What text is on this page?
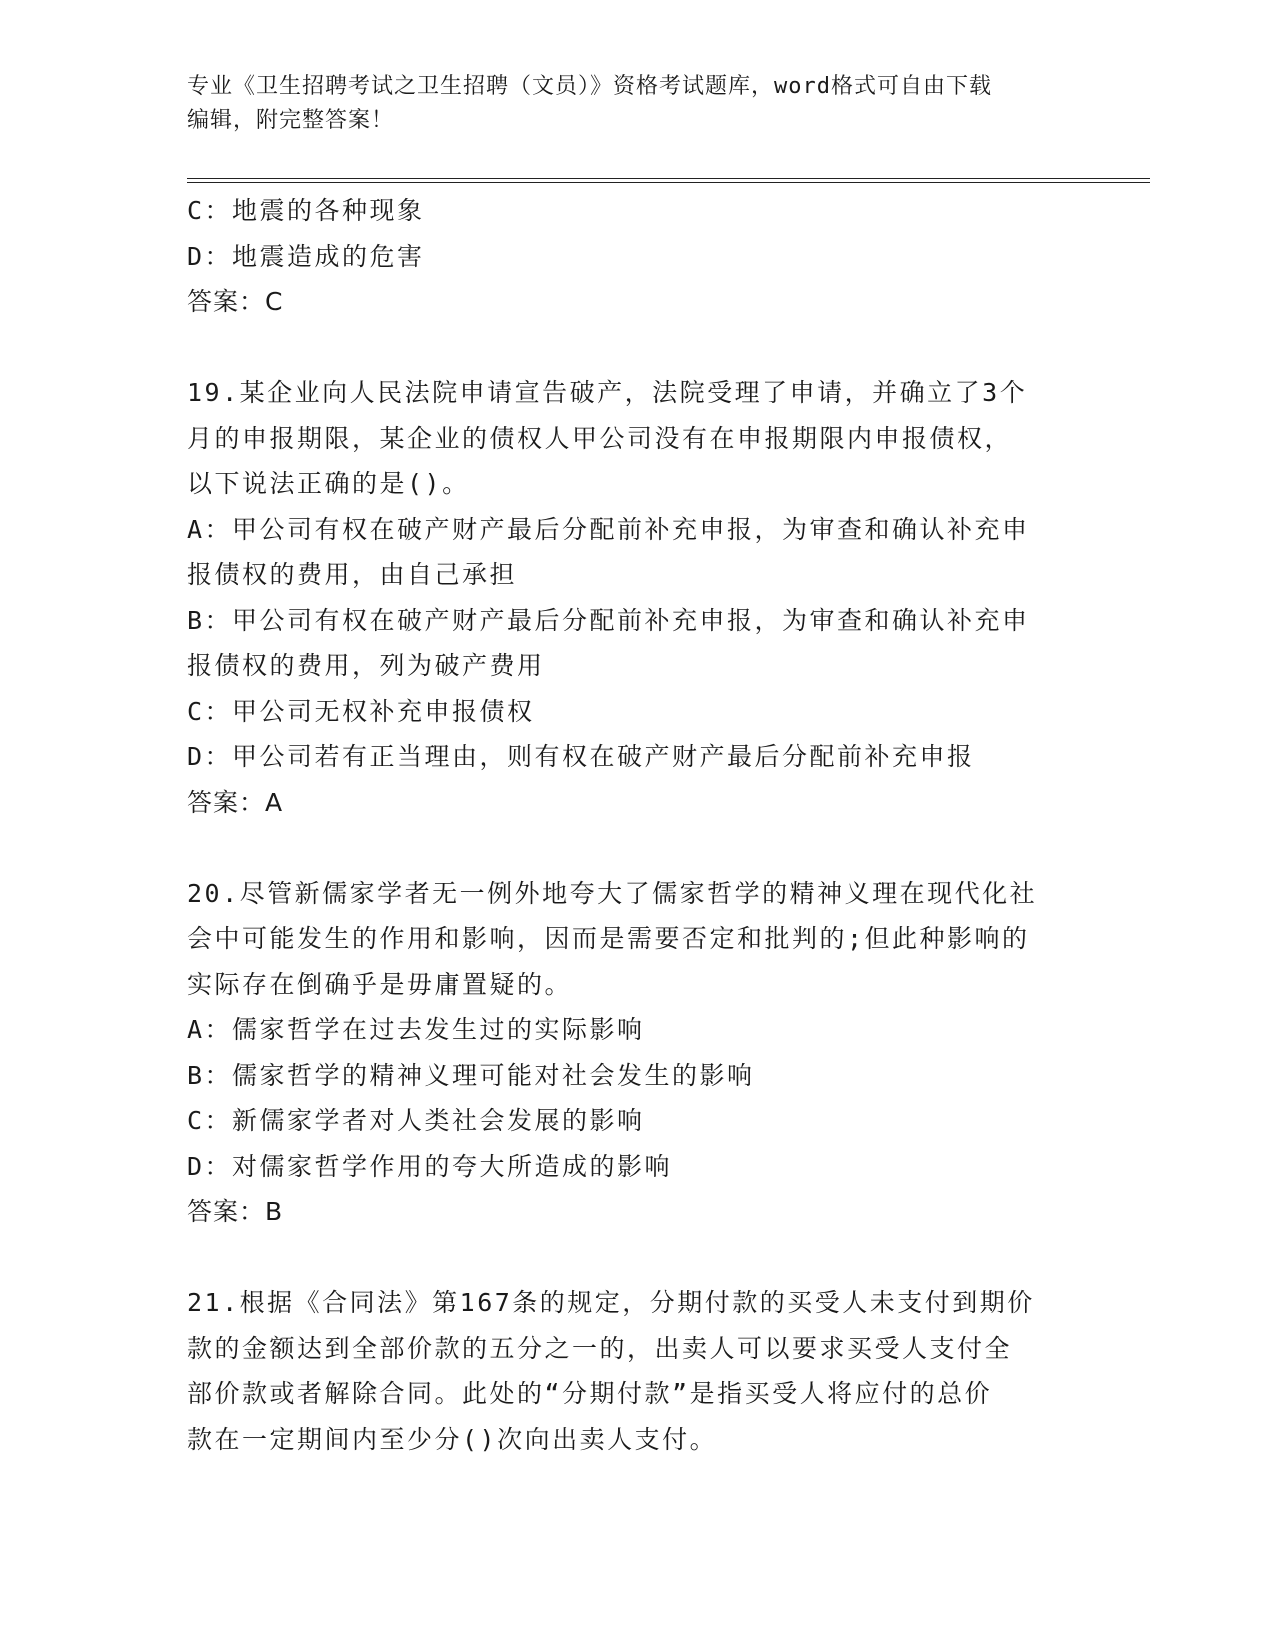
专业《卫生招聘考试之卫生招聘（文员）》资格考试题库，word格式可自由下载
编辑，附完整答案！
C：地震的各种现象
D：地震造成的危害
答案：C
19.某企业向人民法院申请宣告破产，法院受理了申请，并确立了3个
月的申报期限，某企业的债权人甲公司没有在申报期限内申报债权，
以下说法正确的是()。
A：甲公司有权在破产财产最后分配前补充申报，为审查和确认补充申
报债权的费用，由自己承担
B：甲公司有权在破产财产最后分配前补充申报，为审查和确认补充申
报债权的费用，列为破产费用
C：甲公司无权补充申报债权
D：甲公司若有正当理由，则有权在破产财产最后分配前补充申报
答案：A
20.尽管新儒家学者无一例外地夸大了儒家哲学的精神义理在现代化社
会中可能发生的作用和影响，因而是需要否定和批判的;但此种影响的
实际存在倒确乎是毋庸置疑的。
A：儒家哲学在过去发生过的实际影响
B：儒家哲学的精神义理可能对社会发生的影响
C：新儒家学者对人类社会发展的影响
D：对儒家哲学作用的夸大所造成的影响
答案：B
21.根据《合同法》第167条的规定，分期付款的买受人未支付到期价
款的金额达到全部价款的五分之一的，出卖人可以要求买受人支付全
部价款或者解除合同。此处的“分期付款”是指买受人将应付的总价
款在一定期间内至少分()次向出卖人支付。
